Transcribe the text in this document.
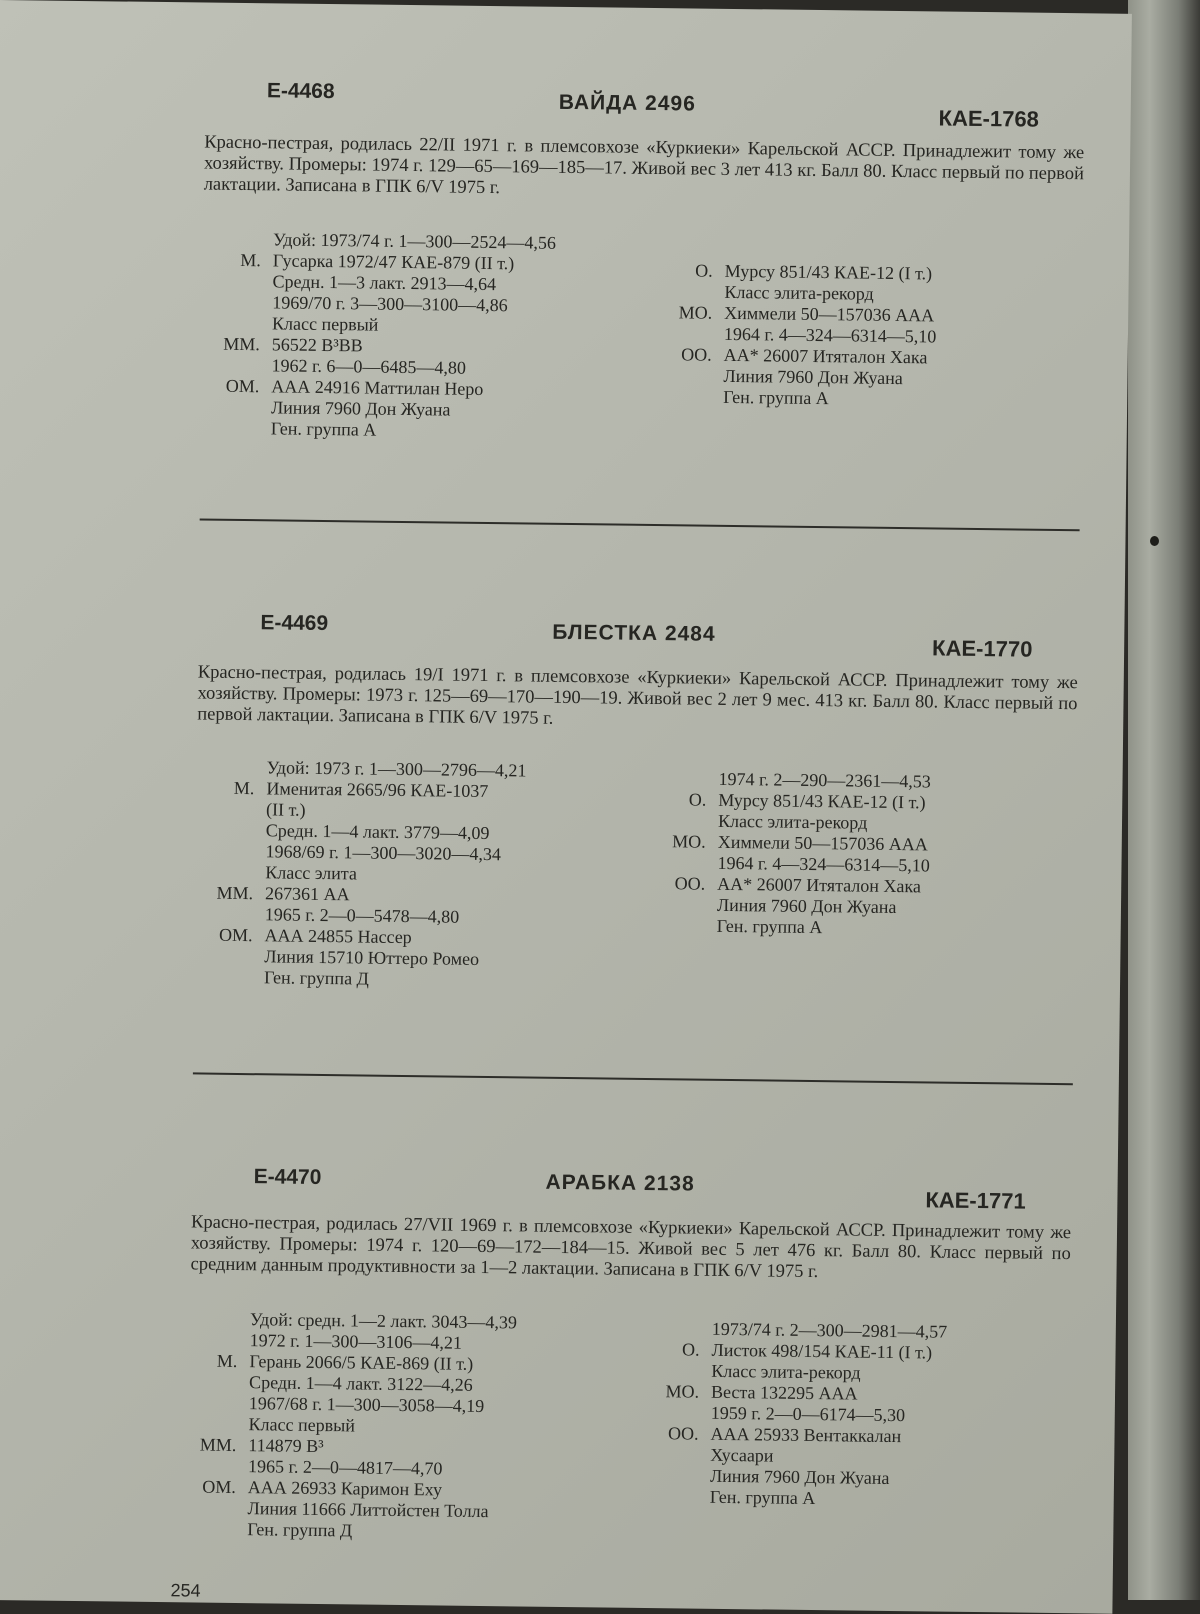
Е-4468	ВАЙДА 2496
КАЕ-1768

Красно-пестрая, родилась 22/II 1971 г. в племсовхозе «Куркиеки» Карельской АССР. Принадлежит тому же хозяйству. Промеры: 1974 г. 129—65—169—185—17. Живой вес 3 лет 413 кг. Балл 80. Класс первый по первой лактации. Записана в ГПК 6/V 1975 г.

Удой: 1973/74 г. 1—300—2524—4,56
М. Гусарка 1972/47 КАЕ-879 (II т.)
Средн. 1—3 лакт. 2913—4,64
1969/70 г. 3—300—3100—4,86
Класс первый
ММ. 56522 В³ВВ
1962 г. 6—0—6485—4,80
ОМ. ААА 24916 Маттилан Неро
Линия 7960 Дон Жуана
Ген. группа А
О. Мурсу 851/43 КАЕ-12 (I т.)
Класс элита-рекорд
МО. Химмели 50—157036 ААА
1964 г. 4—324—6314—5,10
ОО. АА* 26007 Итяталон Хака
Линия 7960 Дон Жуана
Ген. группа А
Е-4469	БЛЕСТКА 2484
КАЕ-1770

Красно-пестрая, родилась 19/I 1971 г. в племсовхозе «Куркиеки» Карельской АССР. Принадлежит тому же хозяйству. Промеры: 1973 г. 125—69—170—190—19. Живой вес 2 лет 9 мес. 413 кг. Балл 80. Класс первый по первой лактации. Записана в ГПК 6/V 1975 г.

Удой: 1973 г. 1—300—2796—4,21
М. Именитая 2665/96 КАЕ-1037
(II т.)
Средн. 1—4 лакт. 3779—4,09
1968/69 г. 1—300—3020—4,34
Класс элита
ММ. 267361 АА
1965 г. 2—0—5478—4,80
ОМ. ААА 24855 Нассер
Линия 15710 Юттеро Ромео
Ген. группа Д
1974 г. 2—290—2361—4,53
О. Мурсу 851/43 КАЕ-12 (I т.)
Класс элита-рекорд
МО. Химмели 50—157036 ААА
1964 г. 4—324—6314—5,10
ОО. АА* 26007 Итяталон Хака
Линия 7960 Дон Жуана
Ген. группа А
Е-4470	АРАБКА 2138
КАЕ-1771

Красно-пестрая, родилась 27/VII 1969 г. в племсовхозе «Куркиеки» Карельской АССР. Принадлежит тому же хозяйству. Промеры: 1974 г. 120—69—172—184—15. Живой вес 5 лет 476 кг. Балл 80. Класс первый по средним данным продуктивности за 1—2 лактации. Записана в ГПК 6/V 1975 г.

Удой: средн. 1—2 лакт. 3043—4,39
1972 г. 1—300—3106—4,21
М. Герань 2066/5 КАЕ-869 (II т.)
Средн. 1—4 лакт. 3122—4,26
1967/68 г. 1—300—3058—4,19
Класс первый
ММ. 114879 В³
1965 г. 2—0—4817—4,70
ОМ. ААА 26933 Каримон Еху
Линия 11666 Литтойстен Толла
Ген. группа Д
1973/74 г. 2—300—2981—4,57
О. Листок 498/154 КАЕ-11 (I т.)
Класс элита-рекорд
МО. Веста 132295 ААА
1959 г. 2—0—6174—5,30
ОО. ААА 25933 Вентаккалан
Хусаари
Линия 7960 Дон Жуана
Ген. группа А
254
